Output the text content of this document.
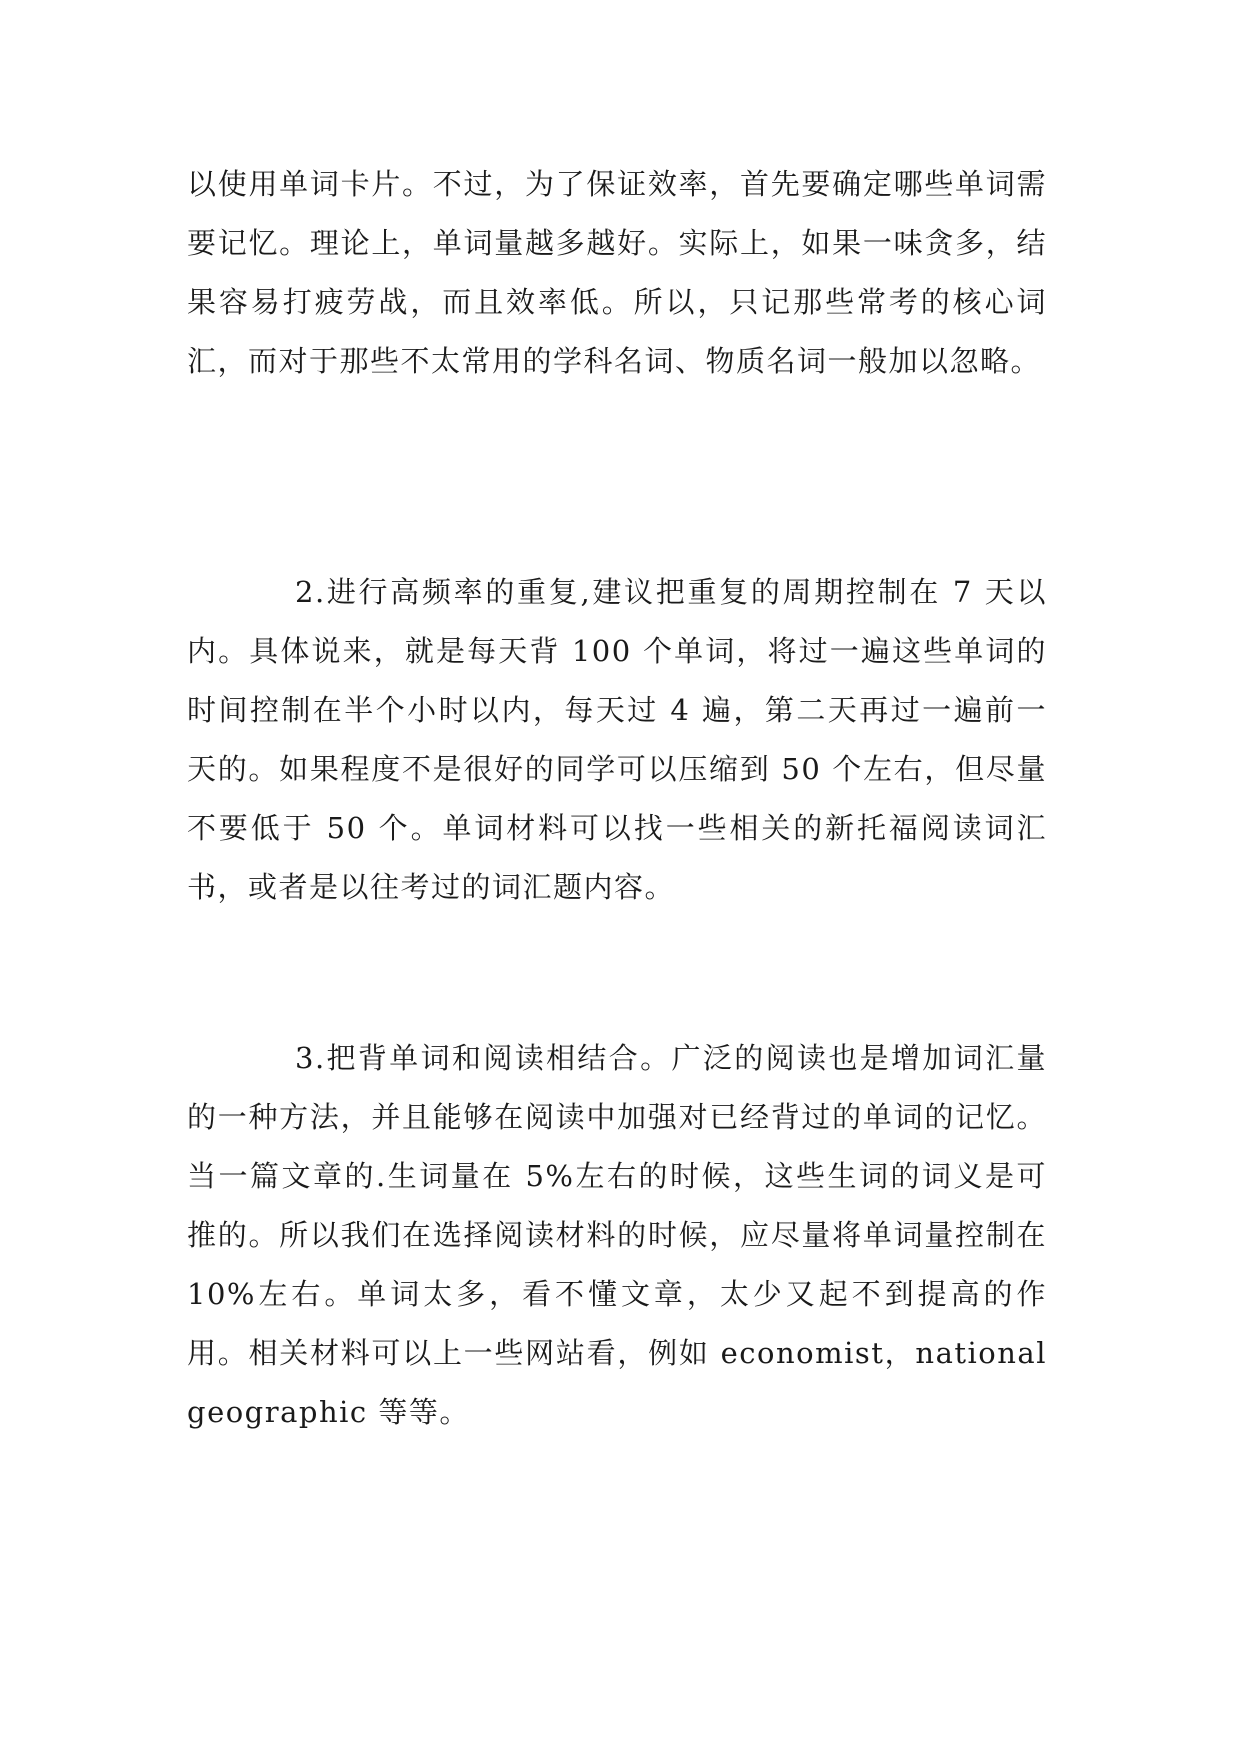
以使用单词卡片。不过，为了保证效率，首先要确定哪些单词需要记忆。理论上，单词量越多越好。实际上，如果一味贪多，结果容易打疲劳战，而且效率低。所以，只记那些常考的核心词汇，而对于那些不太常用的学科名词、物质名词一般加以忽略。

2.进行高频率的重复,建议把重复的周期控制在 7 天以内。具体说来，就是每天背 100 个单词，将过一遍这些单词的时间控制在半个小时以内，每天过 4 遍，第二天再过一遍前一天的。如果程度不是很好的同学可以压缩到 50 个左右，但尽量不要低于 50 个。单词材料可以找一些相关的新托福阅读词汇书，或者是以往考过的词汇题内容。

3.把背单词和阅读相结合。广泛的阅读也是增加词汇量的一种方法，并且能够在阅读中加强对已经背过的单词的记忆。当一篇文章的.生词量在 5%左右的时候，这些生词的词义是可推的。所以我们在选择阅读材料的时候，应尽量将单词量控制在 10%左右。单词太多，看不懂文章，太少又起不到提高的作用。相关材料可以上一些网站看，例如 economist，national geographic 等等。
